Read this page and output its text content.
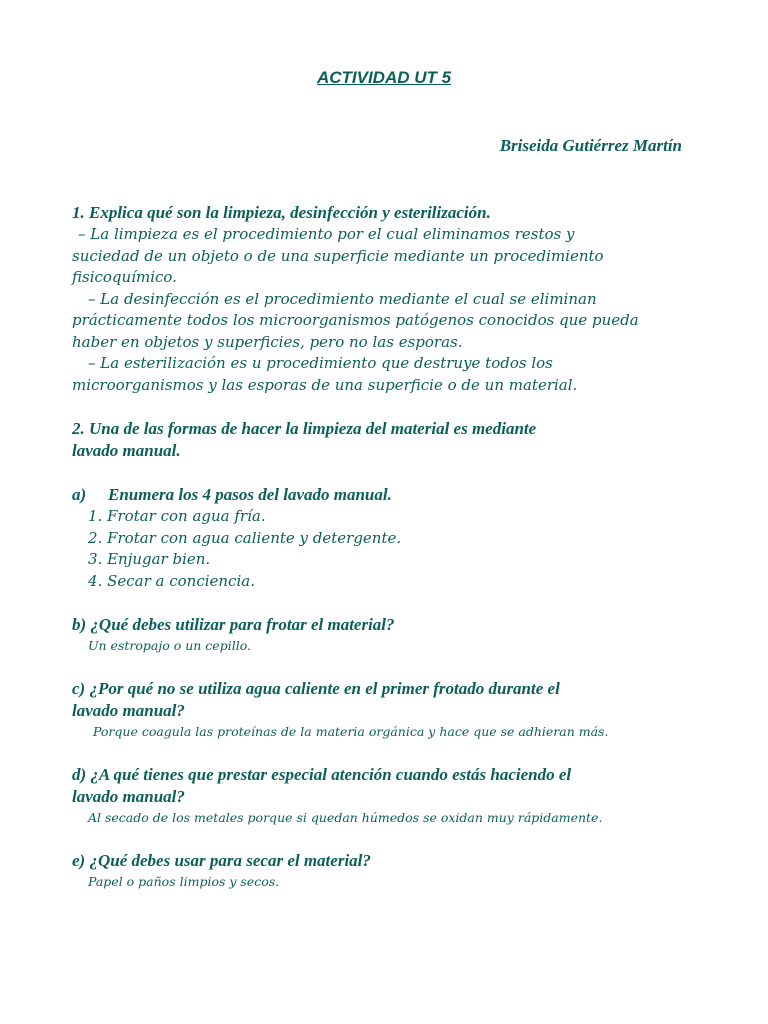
ACTIVIDAD UT 5
Briseida Gutiérrez Martín

1. Explica qué son la limpieza, desinfección y esterilización.

– La limpieza es el procedimiento por el cual eliminamos restos y

suciedad de un objeto o de una superficie mediante un procedimiento

fisicoquímico.

– La desinfección es el procedimiento mediante el cual se eliminan

prácticamente todos los microorganismos patógenos conocidos que pueda

haber en objetos y superficies, pero no las esporas.

– La esterilización es u procedimiento que destruye todos los

microorganismos y las esporas de una superficie o de un material.

2. Una de las formas de hacer la limpieza del material es mediante

lavado manual.

a) Enumera los 4 pasos del lavado manual.

1. Frotar con agua fría.

2. Frotar con agua caliente y detergente.

3. Enjugar bien.

4. Secar a conciencia.

b) ¿Qué debes utilizar para frotar el material?

Un estropajo o un cepillo.

c) ¿Por qué no se utiliza agua caliente en el primer frotado durante el

lavado manual?

Porque coagula las proteínas de la materia orgánica y hace que se adhieran más.

d) ¿A qué tienes que prestar especial atención cuando estás haciendo el

lavado manual?

Al secado de los metales porque si quedan húmedos se oxidan muy rápidamente.

e) ¿Qué debes usar para secar el material?

Papel o paños limpios y secos.
